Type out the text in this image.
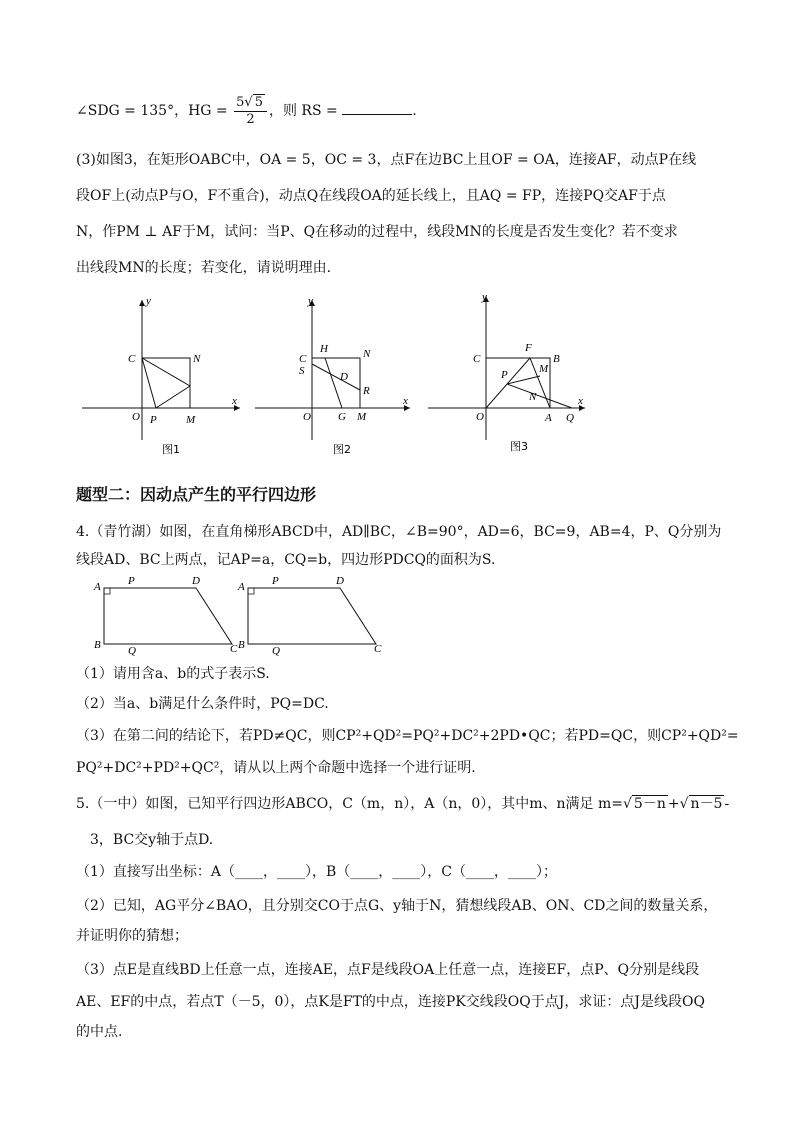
∠SDG = 135°，HG = $\frac{5√ 5}{2}$ ，则 RS =	.
(3)如图3，在矩形OABC中，OA = 5，OC = 3，点F在边BC上且OF = OA，连接AF，动点P在线
段OF上(动点P与O，F不重合)，动点Q在线段OA的延长线上，且AQ = FP，连接PQ交AF于点
N，作PM ⊥ AF于M，试问：当P、Q在移动的过程中，线段MN的长度是否发生变化？若不变求
出线段MN的长度；若变化，请说明理由.
y
C	N
O P	M
x
图1
y
C
H	N
S	D
R
O G M
x
图2
y
C
F
B
P	M
N
O	A Q
x
图3
题型二：因动点产生的平行四边形
4.（青竹湖）如图，在直角梯形ABCD中，AD∥BC，∠B=90°，AD=6，BC=9，AB=4，P、Q分别为
线段AD、BC上两点，记AP=a，CQ=b，四边形PDCQ的面积为S.
A P	D
B Q	C
A P	D
B Q	C
（1）请用含a、b的式子表示S.
（2）当a、b满足什么条件时，PQ=DC.
（3）在第二问的结论下，若PD≠QC，则CP²+QD²=PQ²+DC²+2PD•QC；若PD=QC，则CP²+QD²=
PQ²+DC²+PD²+QC²，请从以上两个命题中选择一个进行证明.
5.（一中）如图，已知平行四边形ABCO，C（m，n），A（n，0），其中m、n满足 m=√ 5－n +√ n－5 -
3，BC交y轴于点D.
（1）直接写出坐标：A（____，____），B（____，____），C（____，____）；
（2）已知，AG平分∠BAO，且分别交CO于点G、y轴于N，猜想线段AB、ON、CD之间的数量关系，
并证明你的猜想；
（3）点E是直线BD上任意一点，连接AE，点F是线段OA上任意一点，连接EF，点P、Q分别是线段
AE、EF的中点，若点T（－5，0），点K是FT的中点，连接PK交线段OQ于点J，求证：点J是线段OQ
的中点.
